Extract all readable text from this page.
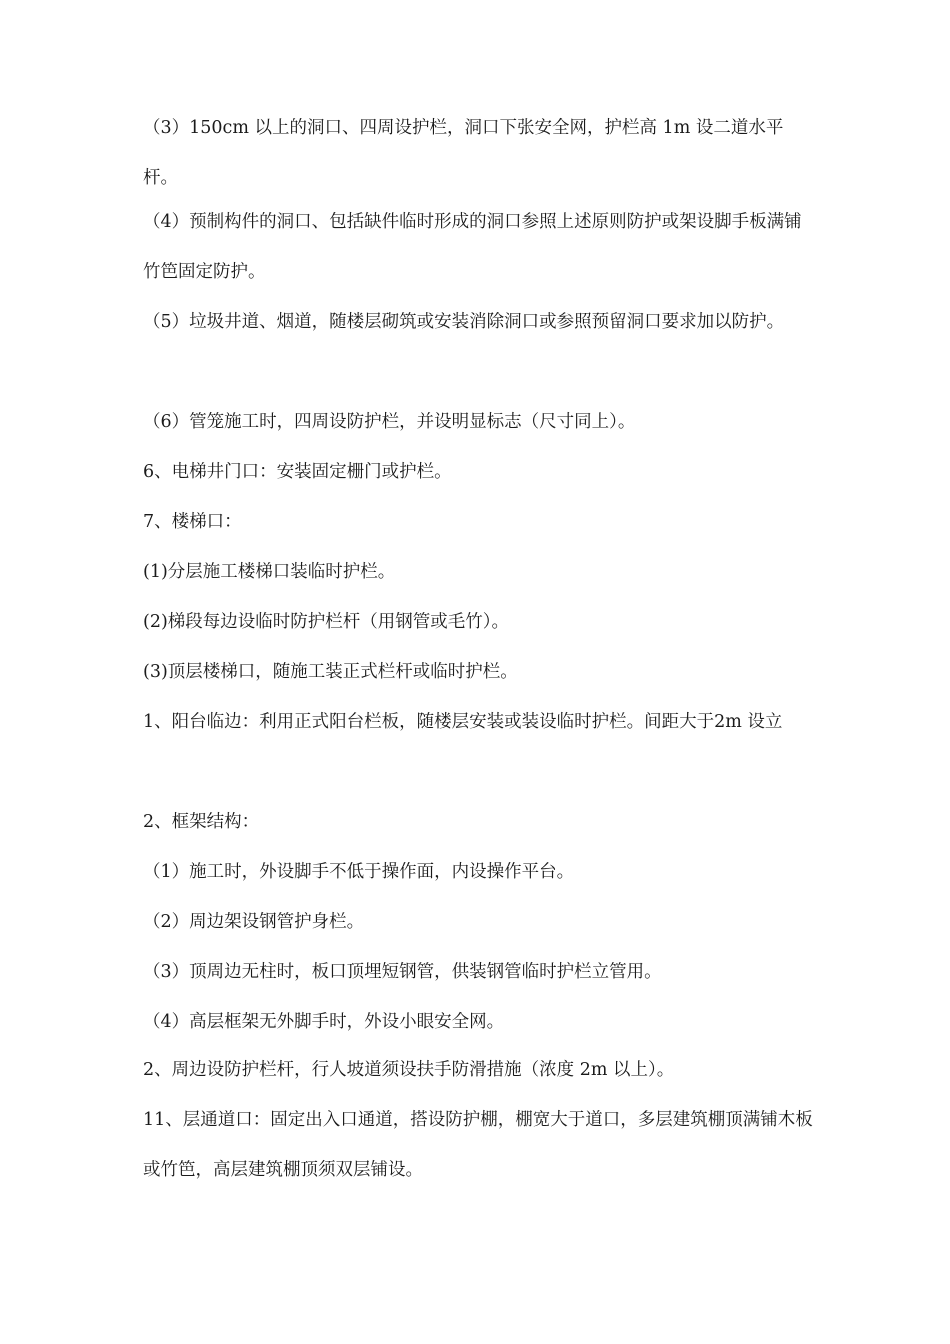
（3）150cm 以上的洞口、四周设护栏，洞口下张安全网，护栏高 1m 设二道水平杆。

（4）预制构件的洞口、包括缺件临时形成的洞口参照上述原则防护或架设脚手板满铺竹笆固定防护。

（5）垃圾井道、烟道，随楼层砌筑或安装消除洞口或参照预留洞口要求加以防护。

（6）管笼施工时，四周设防护栏，并设明显标志（尺寸同上）。

6、电梯井门口：安装固定栅门或护栏。

7、楼梯口：

(1)分层施工楼梯口装临时护栏。

(2)梯段每边设临时防护栏杆（用钢管或毛竹）。

(3)顶层楼梯口，随施工装正式栏杆或临时护栏。

1、阳台临边：利用正式阳台栏板，随楼层安装或装设临时护栏。间距大于2m 设立

2、框架结构：

（1）施工时，外设脚手不低于操作面，内设操作平台。

（2）周边架设钢管护身栏。

（3）顶周边无柱时，板口顶埋短钢管，供装钢管临时护栏立管用。

（4）高层框架无外脚手时，外设小眼安全网。

2、周边设防护栏杆，行人坡道须设扶手防滑措施（浓度 2m 以上）。

11、层通道口：固定出入口通道，搭设防护棚，棚宽大于道口，多层建筑棚顶满铺木板或竹笆，高层建筑棚顶须双层铺设。
